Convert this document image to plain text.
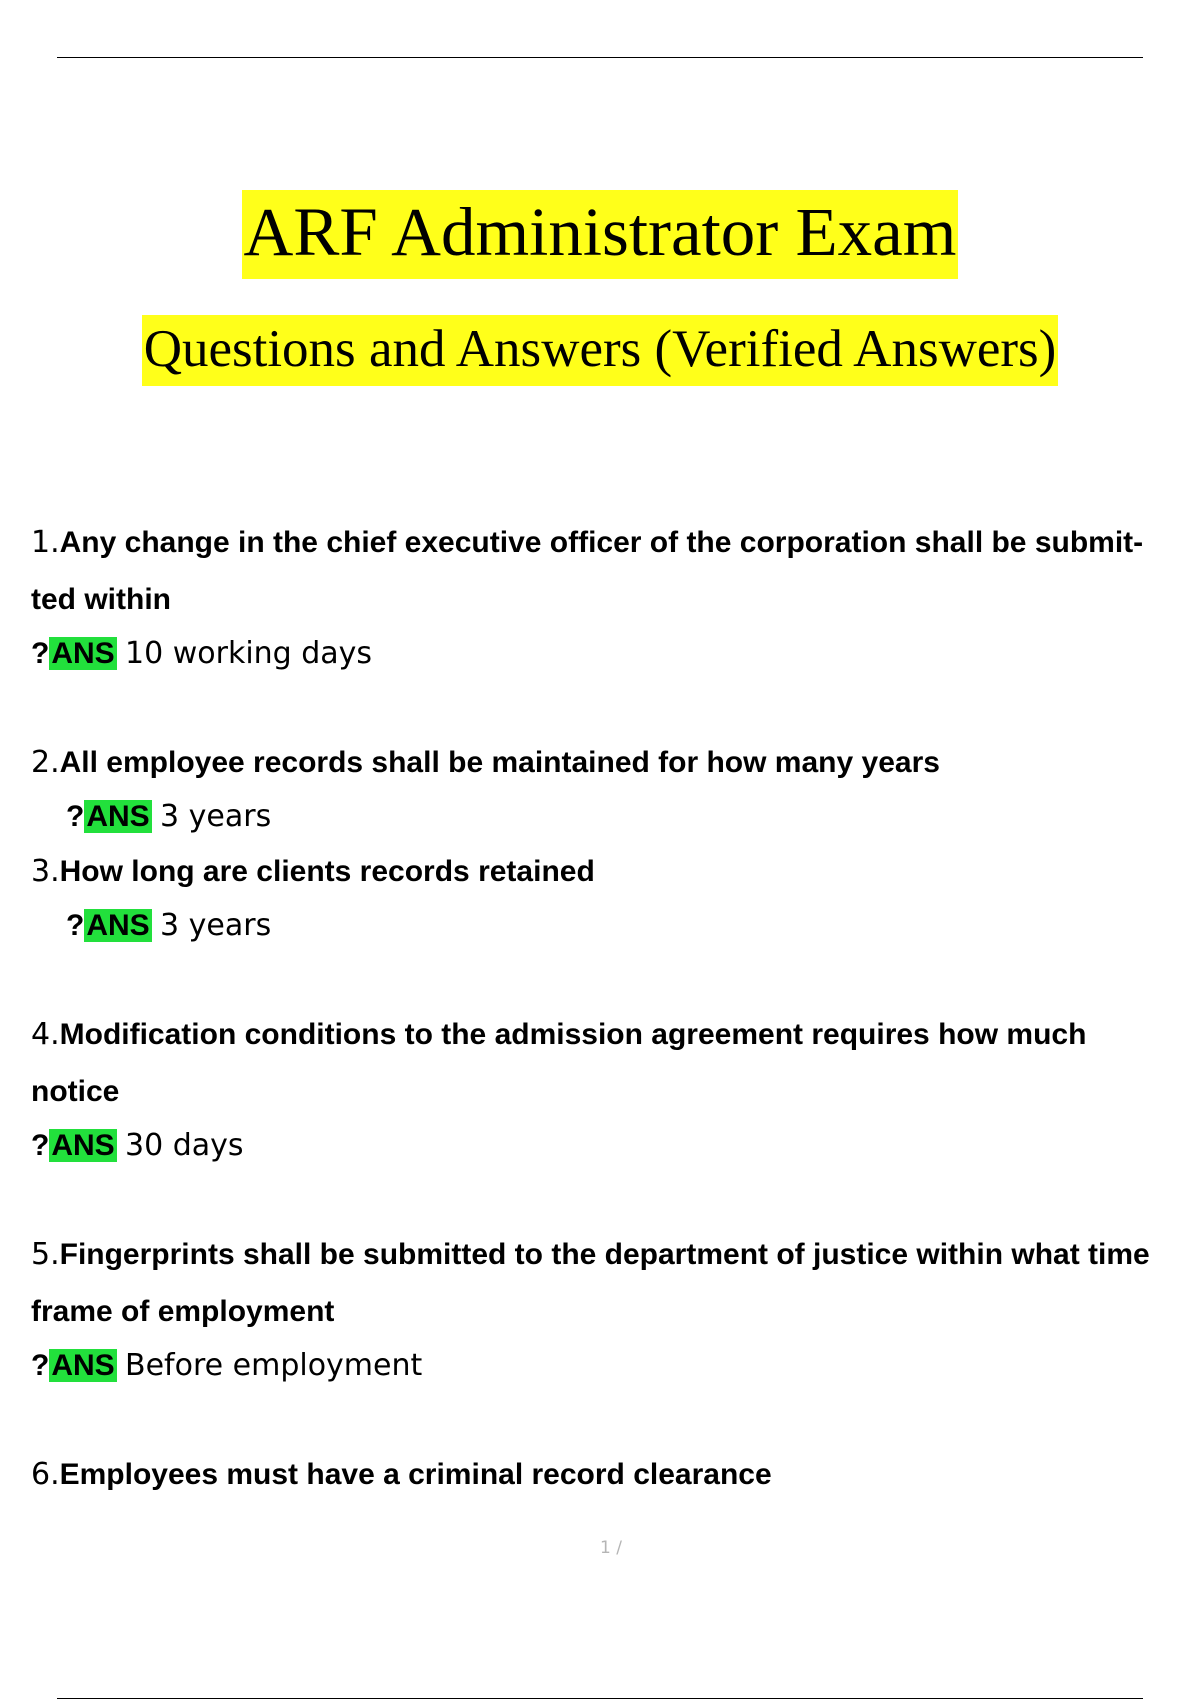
ARF Administrator Exam
Questions and Answers (Verified Answers)
1.Any change in the chief executive officer of the corporation shall be submit- ted within
?ANS 10 working days
2.All employee records shall be maintained for how many years
?ANS 3 years
3.How long are clients records retained
?ANS 3 years
4.Modification conditions to the admission agreement requires how much notice
?ANS 30 days
5.Fingerprints shall be submitted to the department of justice within what time frame of employment
?ANS Before employment
6.Employees must have a criminal record clearance
1 /
